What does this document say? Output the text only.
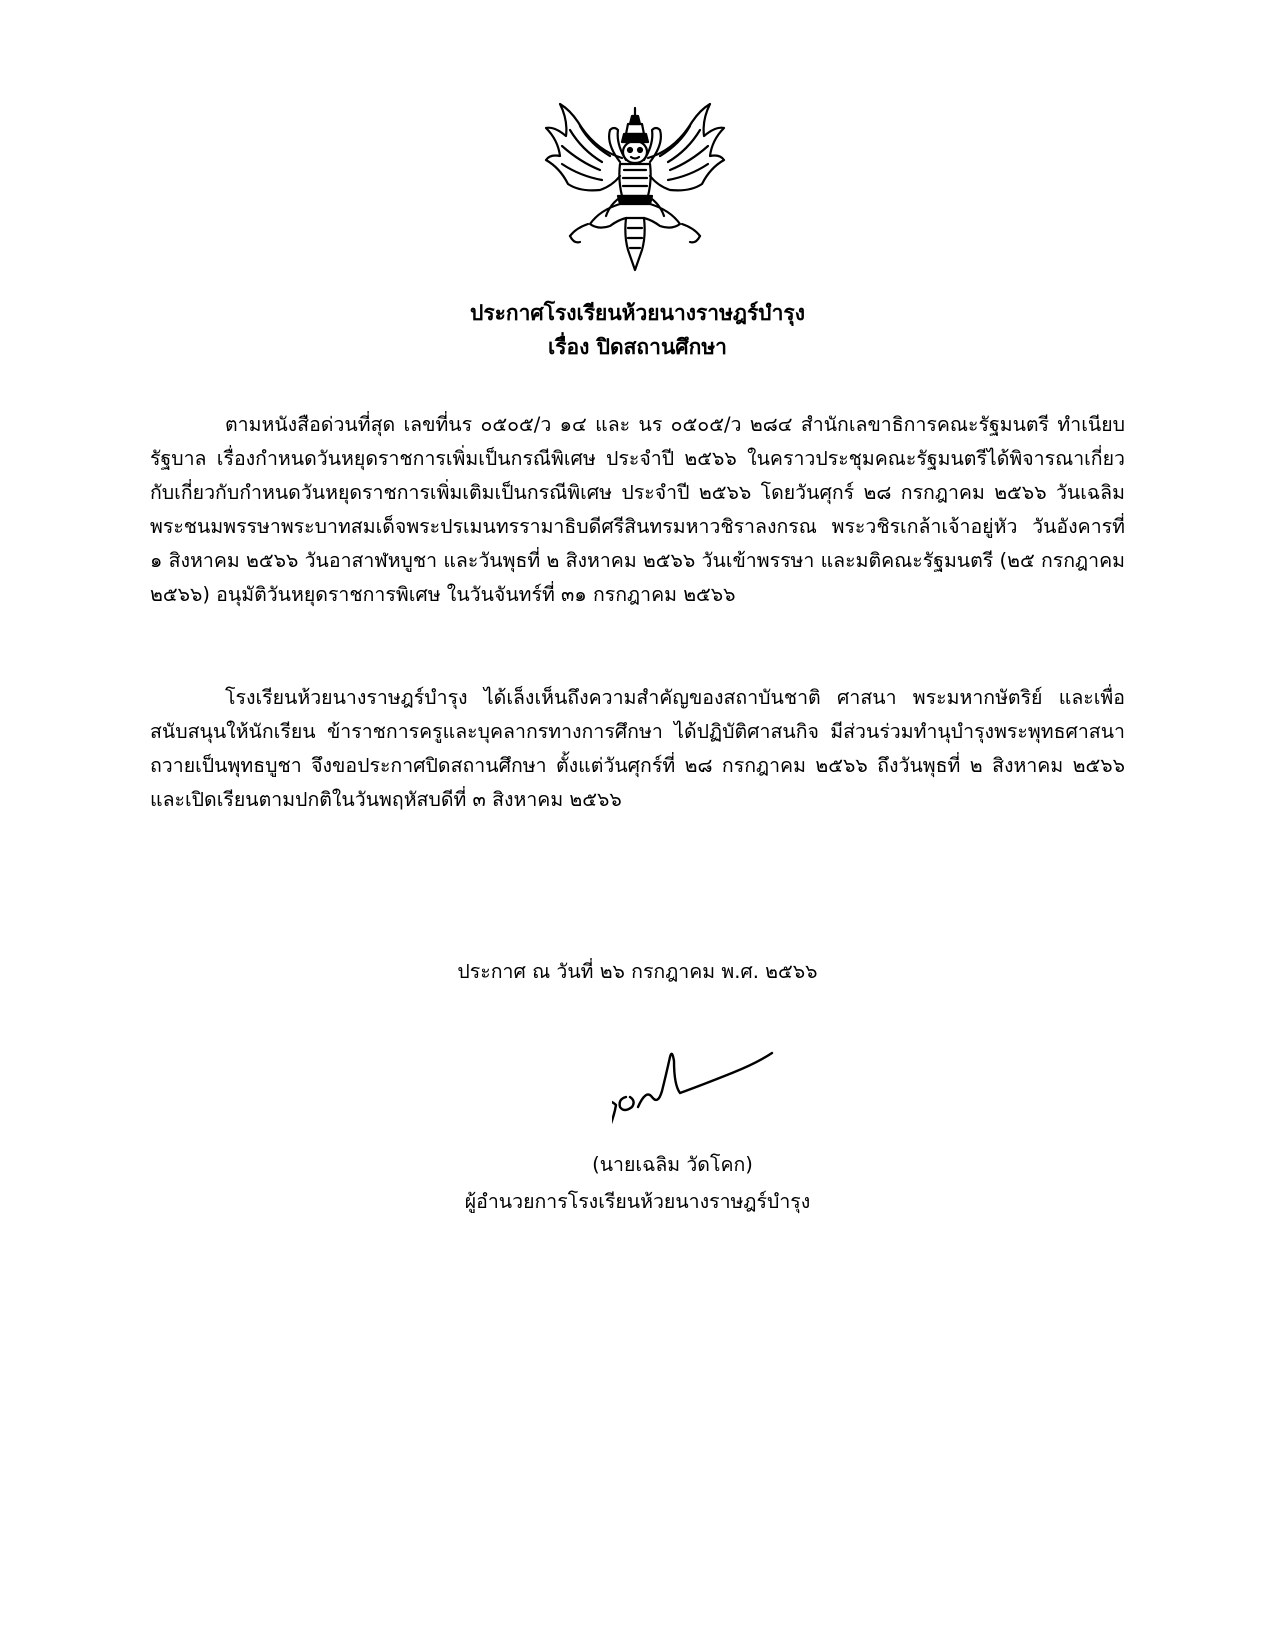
ประกาศโรงเรียนห้วยนางราษฎร์บำรุง
เรื่อง ปิดสถานศึกษา

ตามหนังสือด่วนที่สุด เลขที่นร ๐๕๐๕/ว ๑๔ และ นร ๐๕๐๕/ว ๒๘๔ สำนักเลขาธิการคณะรัฐมนตรี ทำเนียบรัฐบาล เรื่องกำหนดวันหยุดราชการเพิ่มเป็นกรณีพิเศษ ประจำปี ๒๕๖๖ ในคราวประชุมคณะรัฐมนตรีได้พิจารณาเกี่ยวกับเกี่ยวกับกำหนดวันหยุดราชการเพิ่มเติมเป็นกรณีพิเศษ ประจำปี ๒๕๖๖ โดยวันศุกร์ ๒๘ กรกฎาคม ๒๕๖๖ วันเฉลิมพระชนมพรรษาพระบาทสมเด็จพระปรเมนทรรามาธิบดีศรีสินทรมหาวชิราลงกรณ พระวชิรเกล้าเจ้าอยู่หัว วันอังคารที่ ๑ สิงหาคม ๒๕๖๖ วันอาสาฬหบูชา และวันพุธที่ ๒ สิงหาคม ๒๕๖๖ วันเข้าพรรษา และมติคณะรัฐมนตรี (๒๕ กรกฎาคม ๒๕๖๖) อนุมัติวันหยุดราชการพิเศษ ในวันจันทร์ที่ ๓๑ กรกฎาคม ๒๕๖๖

โรงเรียนห้วยนางราษฎร์บำรุง ได้เล็งเห็นถึงความสำคัญของสถาบันชาติ ศาสนา พระมหากษัตริย์ และเพื่อสนับสนุนให้นักเรียน ข้าราชการครูและบุคลากรทางการศึกษา ได้ปฏิบัติศาสนกิจ มีส่วนร่วมทำนุบำรุงพระพุทธศาสนา ถวายเป็นพุทธบูชา จึงขอประกาศปิดสถานศึกษา ตั้งแต่วันศุกร์ที่ ๒๘ กรกฎาคม ๒๕๖๖ ถึงวันพุธที่ ๒ สิงหาคม ๒๕๖๖ และเปิดเรียนตามปกติในวันพฤหัสบดีที่ ๓ สิงหาคม ๒๕๖๖

ประกาศ ณ วันที่ ๒๖ กรกฎาคม พ.ศ. ๒๕๖๖
(นายเฉลิม วัดโคก)
ผู้อำนวยการโรงเรียนห้วยนางราษฎร์บำรุง
